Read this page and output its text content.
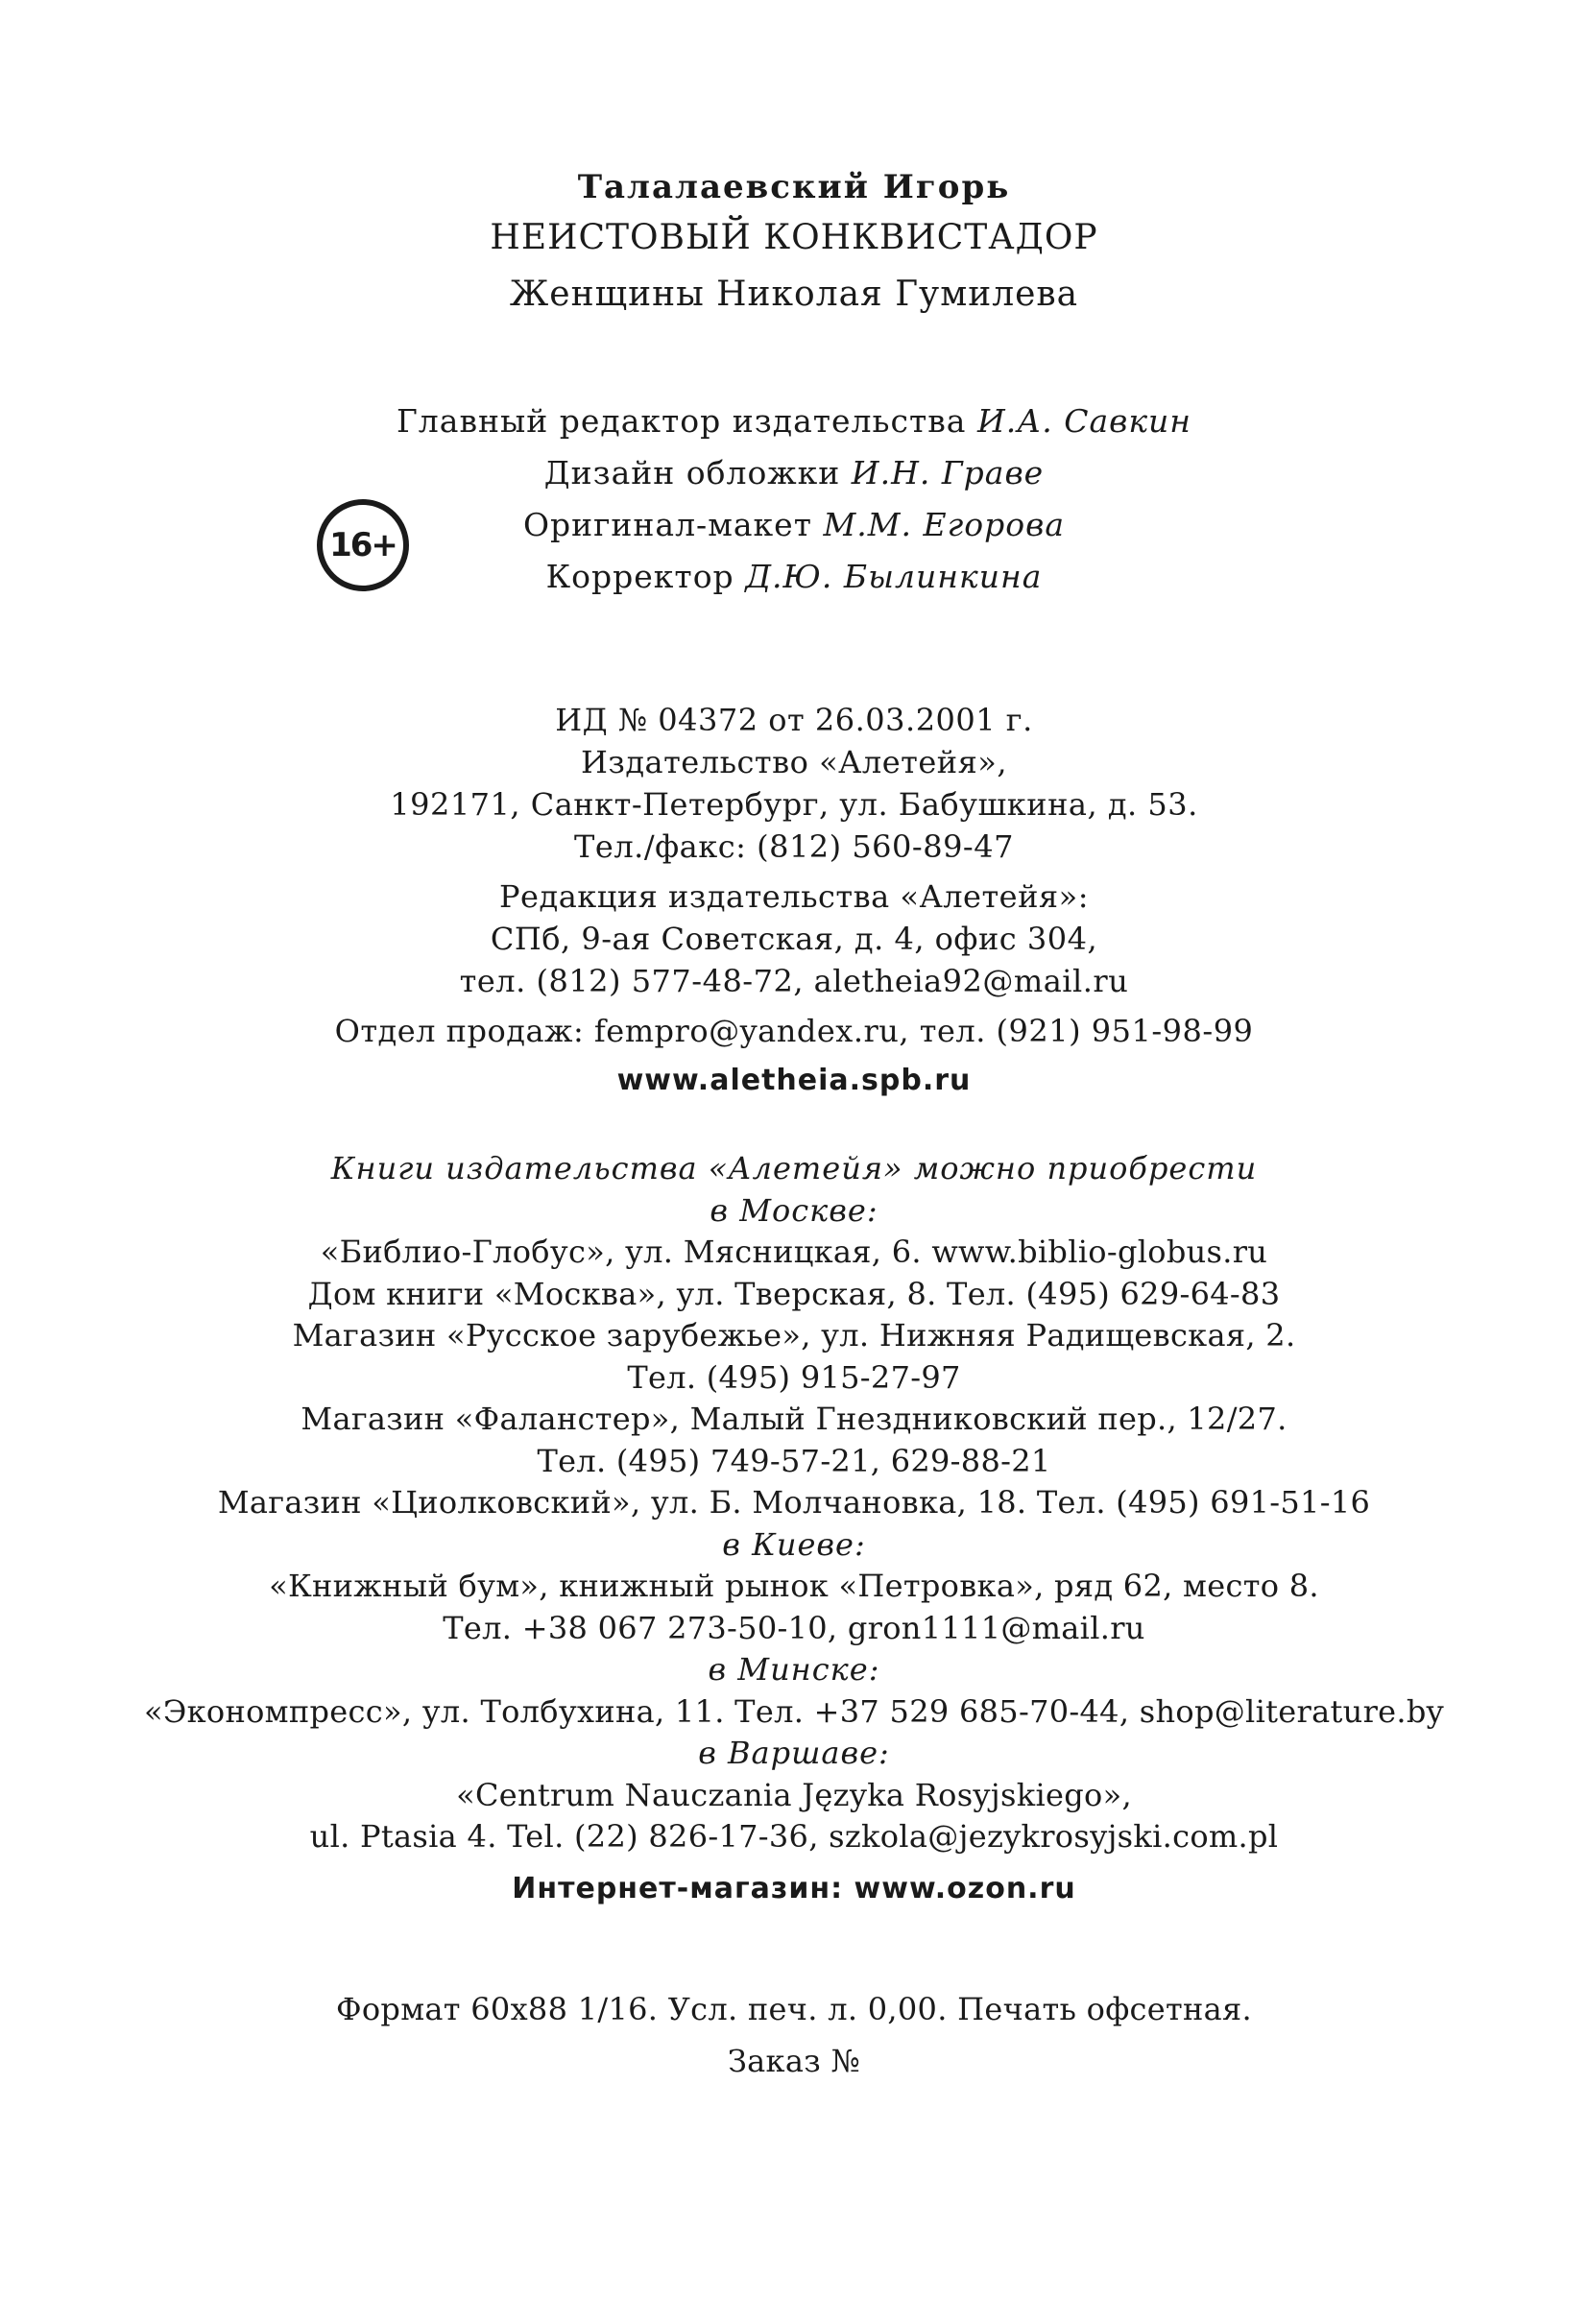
Талалаевский Игорь
НЕИСТОВЫЙ КОНКВИСТАДОР
Женщины Николая Гумилева
Главный редактор издательства И.А. Савкин
Дизайн обложки И.Н. Граве
Оригинал-макет М.М. Егорова
Корректор Д.Ю. Былинкина
16+
ИД № 04372 от 26.03.2001 г.
Издательство «Алетейя»,
192171, Санкт-Петербург, ул. Бабушкина, д. 53.
Тел./факс: (812) 560-89-47
Редакция издательства «Алетейя»:
СПб, 9-ая Советская, д. 4, офис 304,
тел. (812) 577-48-72, aletheia92@mail.ru
Отдел продаж: fempro@yandex.ru, тел. (921) 951-98-99
www.aletheia.spb.ru
Книги издательства «Алетейя» можно приобрести
в Москве:
«Библио-Глобус», ул. Мясницкая, 6. www.biblio-globus.ru
Дом книги «Москва», ул. Тверская, 8. Тел. (495) 629-64-83
Магазин «Русское зарубежье», ул. Нижняя Радищевская, 2.
Тел. (495) 915-27-97
Магазин «Фаланстер», Малый Гнездниковский пер., 12/27.
Тел. (495) 749-57-21, 629-88-21
Магазин «Циолковский», ул. Б. Молчановка, 18. Тел. (495) 691-51-16
в Киеве:
«Книжный бум», книжный рынок «Петровка», ряд 62, место 8.
Тел. +38 067 273-50-10, gron1111@mail.ru
в Минске:
«Экономпресс», ул. Толбухина, 11. Тел. +37 529 685-70-44, shop@literature.by
в Варшаве:
«Centrum Nauczania Języka Rosyjskiego»,
ul. Ptasia 4. Tel. (22) 826-17-36, szkola@jezykrosyjski.com.pl
Интернет-магазин: www.ozon.ru
Формат 60x88 1/16. Усл. печ. л. 0,00. Печать офсетная.
Заказ №
